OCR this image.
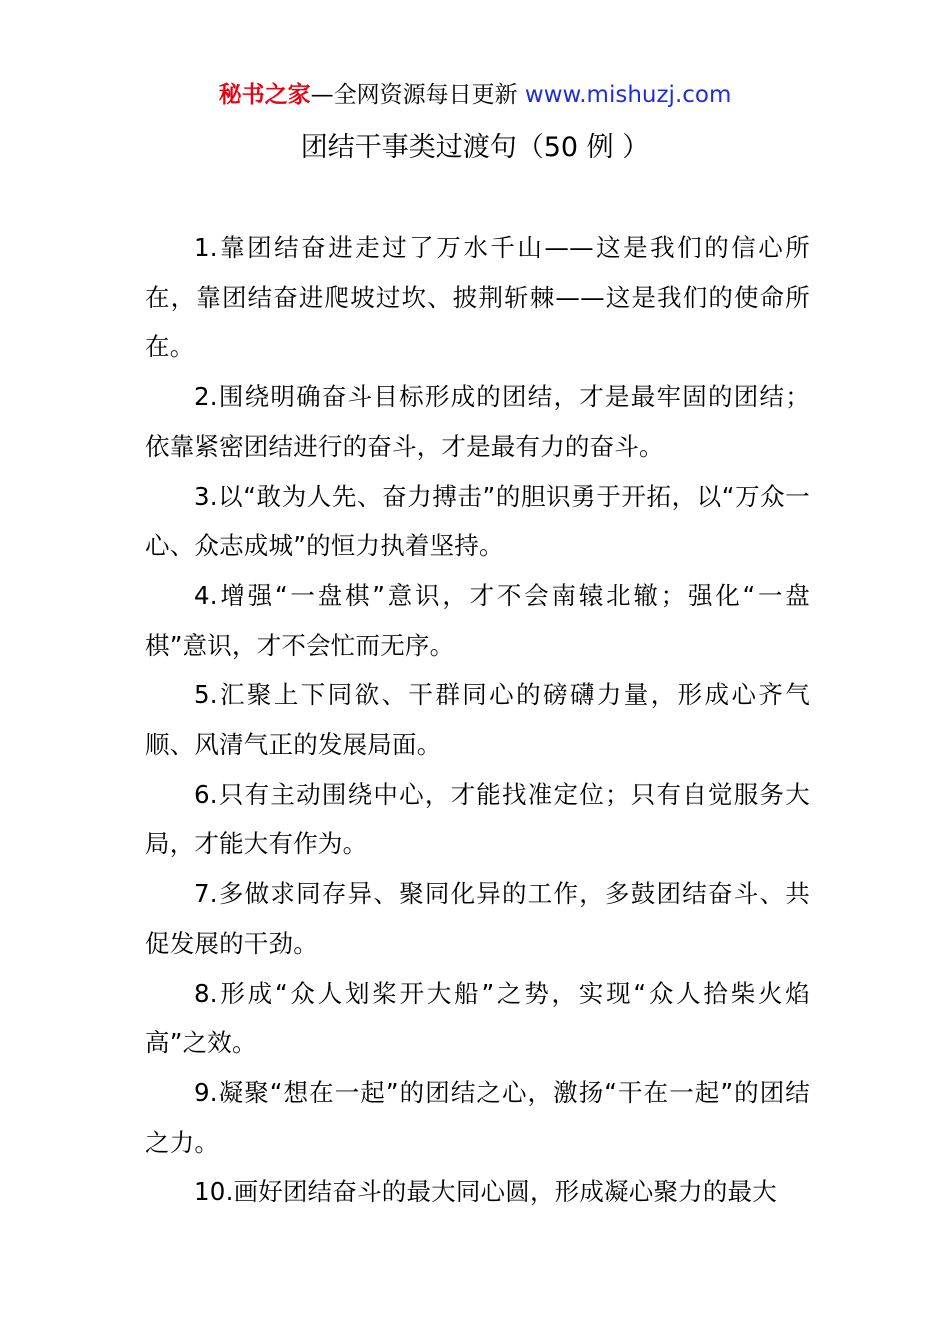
秘书之家—全网资源每日更新 www.mishuzj.com
团结干事类过渡句（50 例 ）

1.靠团结奋进走过了万水千山——这是我们的信心所在，靠团结奋进爬坡过坎、披荆斩棘——这是我们的使命所在。

2.围绕明确奋斗目标形成的团结，才是最牢固的团结；依靠紧密团结进行的奋斗，才是最有力的奋斗。

3.以“敢为人先、奋力搏击”的胆识勇于开拓，以“万众一心、众志成城”的恒力执着坚持。

4.增强“一盘棋”意识，才不会南辕北辙；强化“一盘棋”意识，才不会忙而无序。

5.汇聚上下同欲、干群同心的磅礴力量，形成心齐气顺、风清气正的发展局面。

6.只有主动围绕中心，才能找准定位；只有自觉服务大局，才能大有作为。

7.多做求同存异、聚同化异的工作，多鼓团结奋斗、共促发展的干劲。

8.形成“众人划桨开大船”之势，实现“众人拾柴火焰高”之效。

9.凝聚“想在一起”的团结之心，激扬“干在一起”的团结之力。

10.画好团结奋斗的最大同心圆，形成凝心聚力的最大
